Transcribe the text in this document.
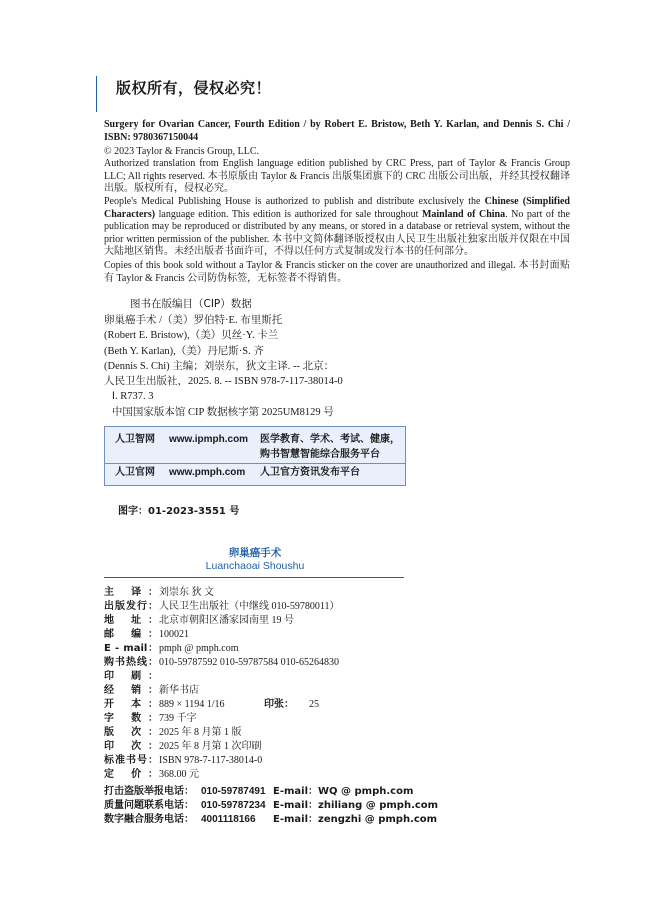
版权所有，侵权必究！

Surgery for Ovarian Cancer, Fourth Edition / by Robert E. Bristow, Beth Y. Karlan, and Dennis S. Chi / ISBN: 9780367150044

© 2023 Taylor & Francis Group, LLC.

Authorized translation from English language edition published by CRC Press, part of Taylor & Francis Group LLC; All rights reserved. 本书原版由 Taylor & Francis 出版集团旗下的 CRC 出版公司出版，并经其授权翻译出版。版权所有，侵权必究。

People's Medical Publishing House is authorized to publish and distribute exclusively the Chinese (Simplified Characters) language edition. This edition is authorized for sale throughout Mainland of China. No part of the publication may be reproduced or distributed by any means, or stored in a database or retrieval system, without the prior written permission of the publisher. 本书中文简体翻译版授权由人民卫生出版社独家出版并仅限在中国大陆地区销售。未经出版者书面许可，不得以任何方式复制或发行本书的任何部分。

Copies of this book sold without a Taylor & Francis sticker on the cover are unauthorized and illegal. 本书封面贴有 Taylor & Francis 公司防伪标签，无标签者不得销售。

图书在版编目（CIP）数据
卵巢癌手术 /（美）罗伯特·E. 布里斯托
(Robert E. Bristow),（美）贝丝·Y. 卡兰
(Beth Y. Karlan),（美）丹尼斯·S. 齐
(Dennis S. Chi) 主编；刘崇东，狄文主译. -- 北京：
人民卫生出版社，2025. 8. -- ISBN 978-7-117-38014-0
Ⅰ. R737. 3
中国国家版本馆 CIP 数据核字第 2025UM8129 号
人卫智网 www.ipmph.com 医学教育、学术、考试、健康，
购书智慧智能综合服务平台
人卫官网 www.pmph.com 人卫官方资讯发布平台
图字：01-2023-3551 号
卵巢癌手术
Luanchaoai Shoushu
主 译： 刘崇东 狄 文
出版发行： 人民卫生出版社（中继线 010-59780011）
地 址： 北京市朝阳区潘家园南里 19 号
邮 编： 100021
E - mail： pmph @ pmph.com
购书热线： 010-59787592 010-59787584 010-65264830
印 刷：
经 销： 新华书店
开 本： 889 × 1194 1/16	印张： 25
字 数： 739 千字
版 次： 2025 年 8 月第 1 版
印 次： 2025 年 8 月第 1 次印刷
标准书号： ISBN 978-7-117-38014-0
定 价： 368.00 元
打击盗版举报电话： 010-59787491 E-mail：WQ @ pmph.com
质量问题联系电话： 010-59787234 E-mail：zhiliang @ pmph.com
数字融合服务电话： 4001118166 E-mail：zengzhi @ pmph.com
